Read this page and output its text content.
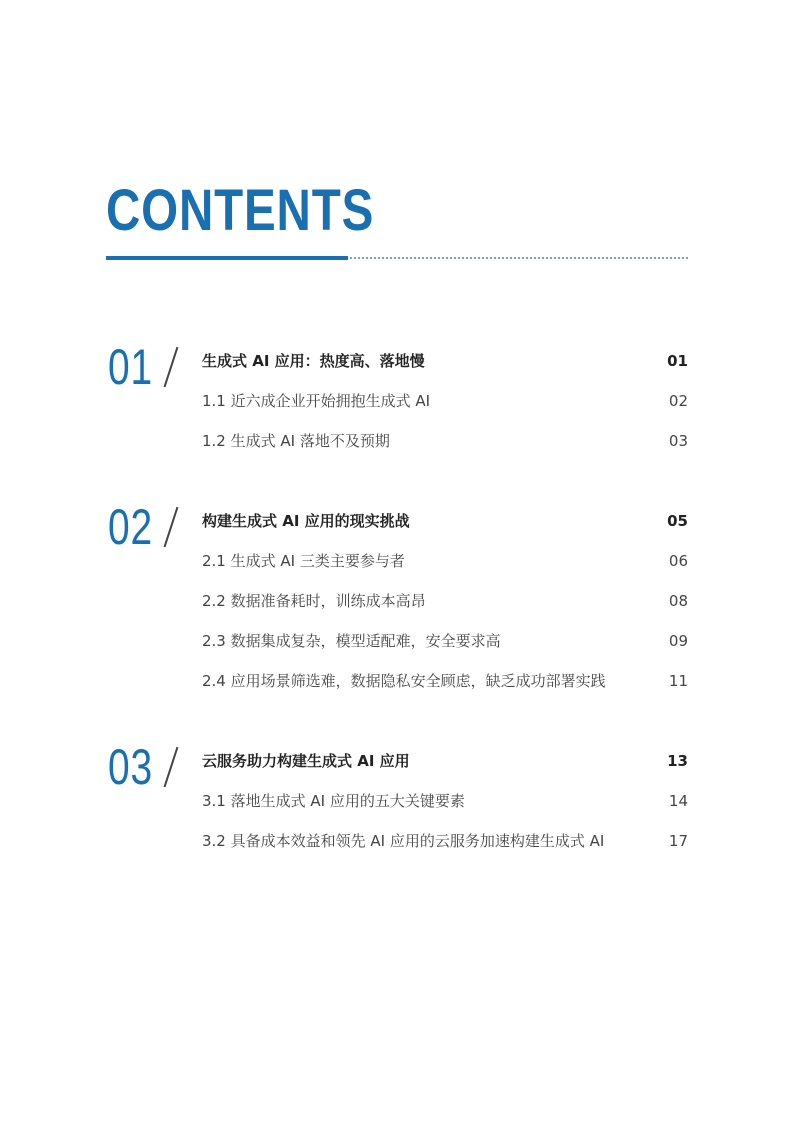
CONTENTS
01	生成式 AI 应用：热度高、落地慢	01
1.1 近六成企业开始拥抱生成式 AI	02
1.2 生成式 AI 落地不及预期	03
02	构建生成式 AI 应用的现实挑战	05
2.1 生成式 AI 三类主要参与者	06
2.2 数据准备耗时，训练成本高昂	08
2.3 数据集成复杂，模型适配难，安全要求高	09
2.4 应用场景筛选难，数据隐私安全顾虑，缺乏成功部署实践	11
03	云服务助力构建生成式 AI 应用	13
3.1 落地生成式 AI 应用的五大关键要素	14
3.2 具备成本效益和领先 AI 应用的云服务加速构建生成式 AI	17
